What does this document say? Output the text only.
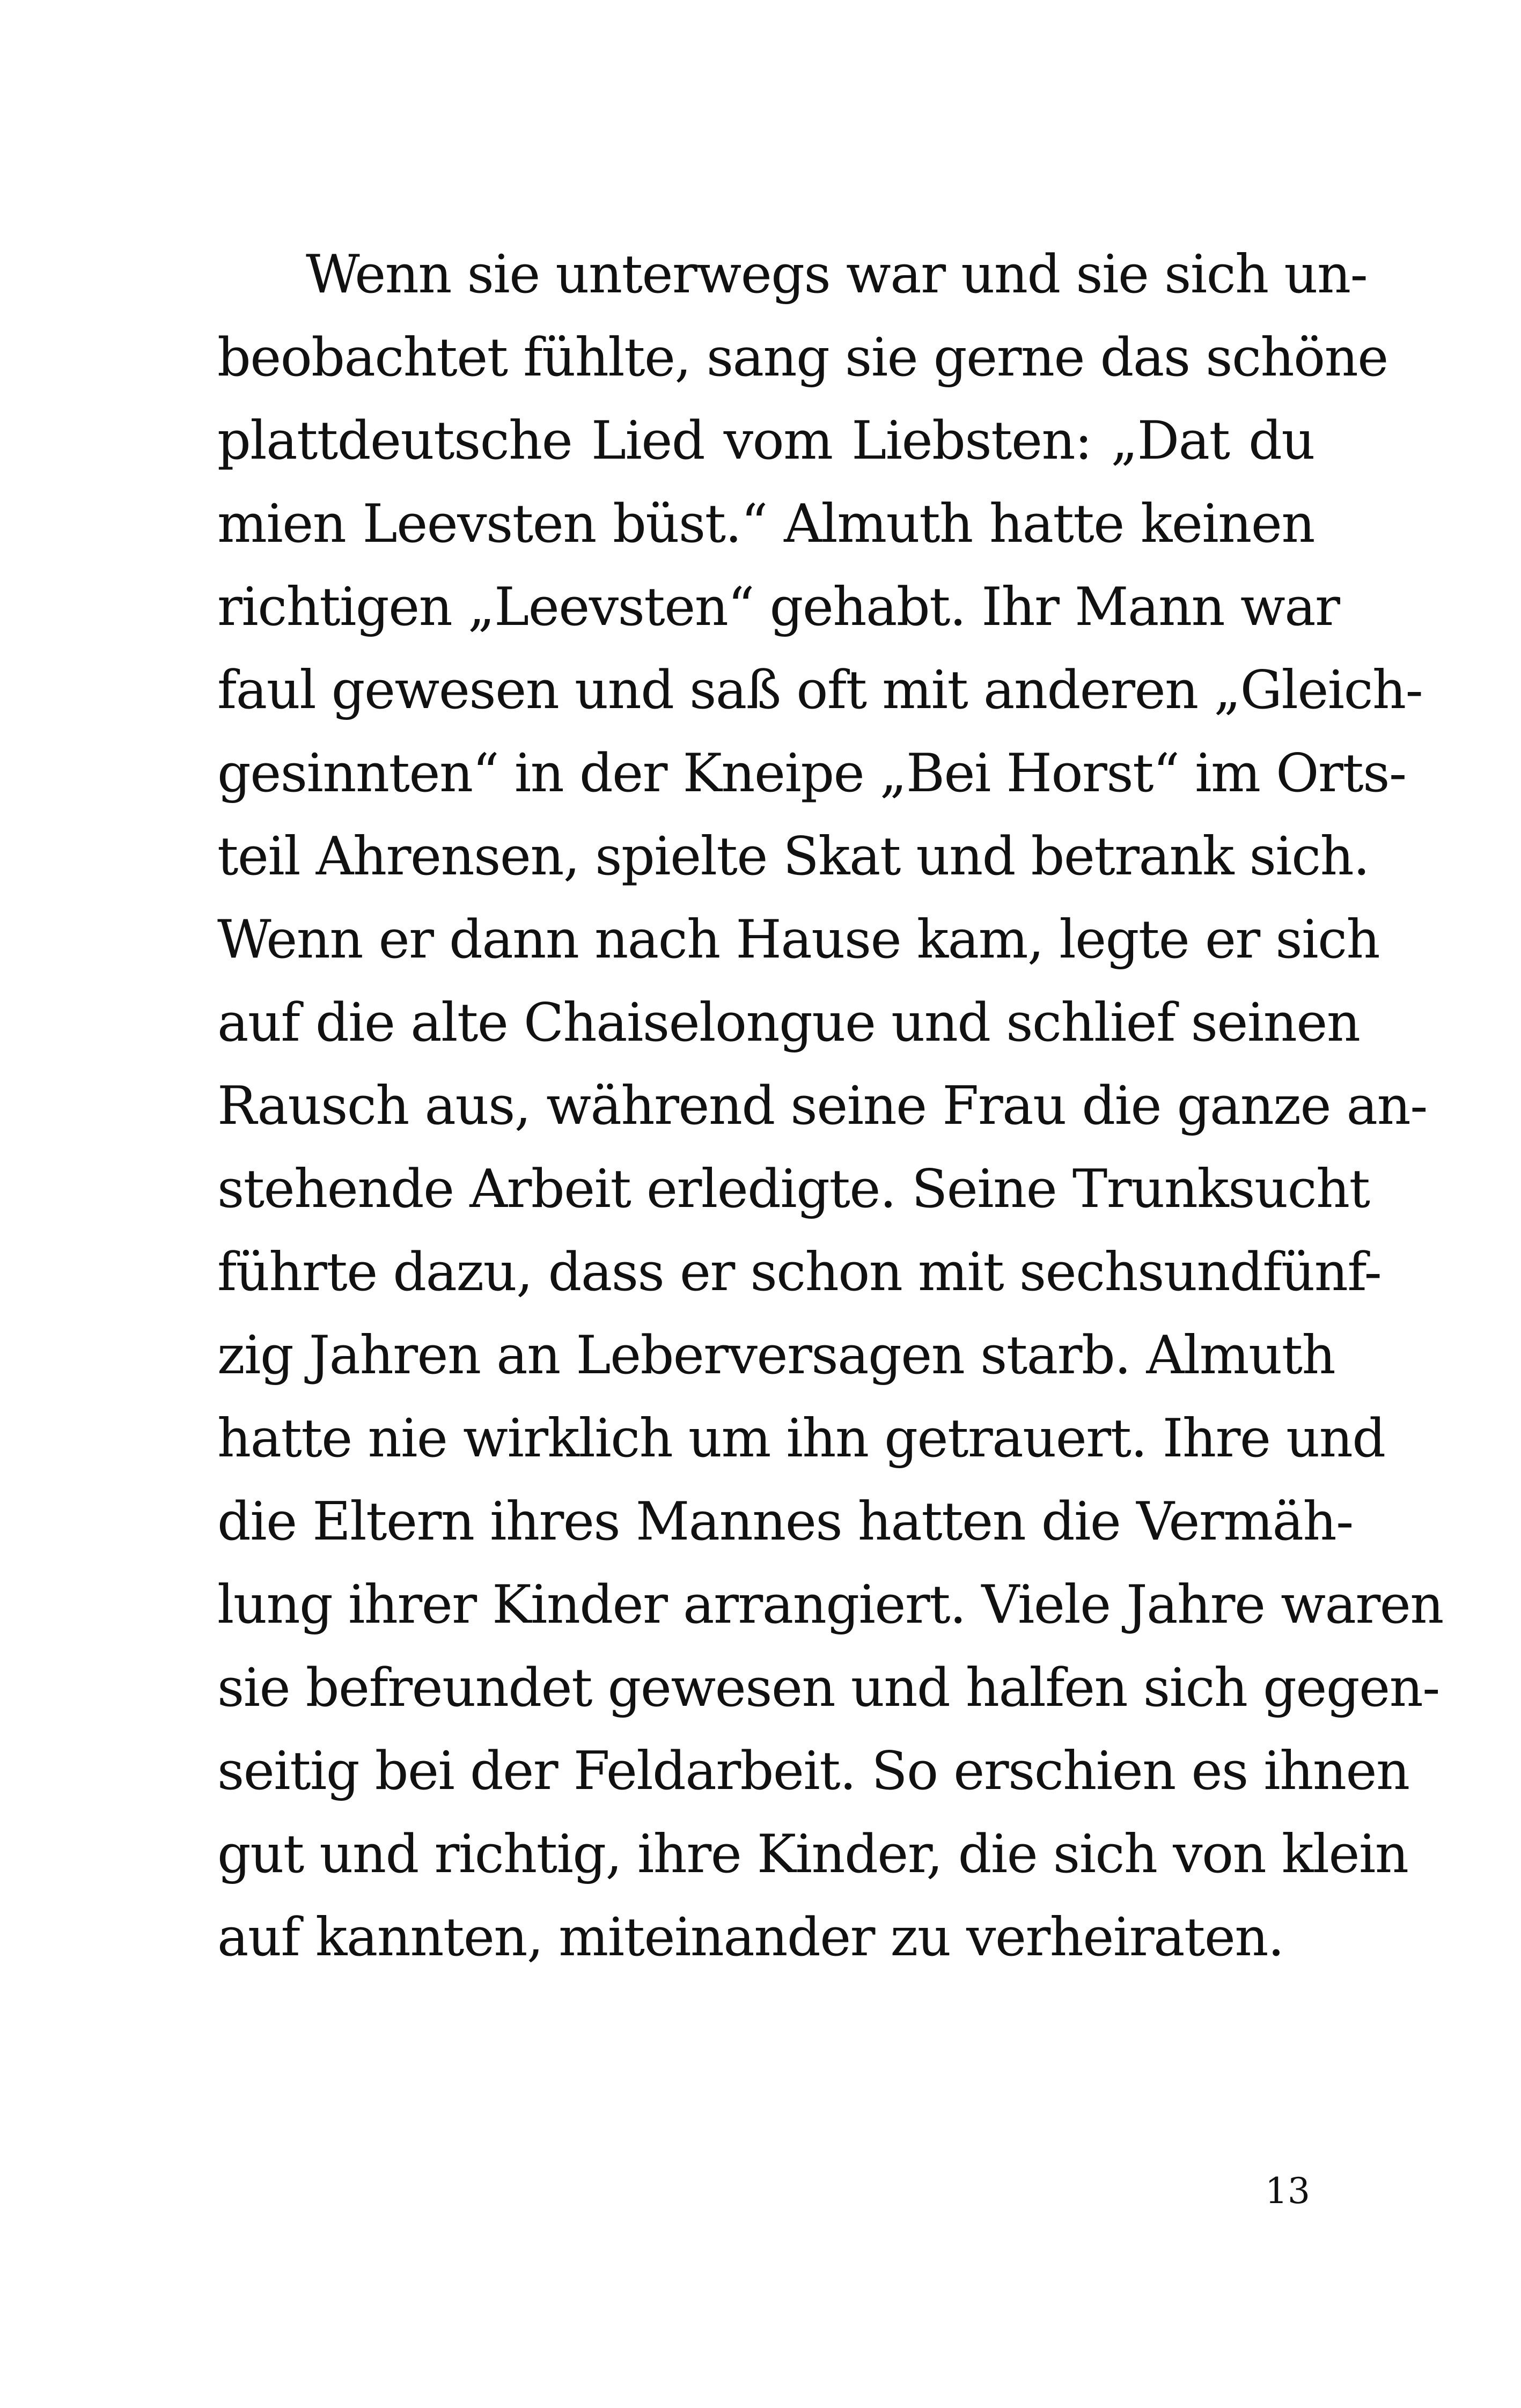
Wenn sie unterwegs war und sie sich un-
beobachtet fühlte, sang sie gerne das schöne
plattdeutsche Lied vom Liebsten: „Dat du
mien Leevsten büst.“ Almuth hatte keinen
richtigen „Leevsten“ gehabt. Ihr Mann war
faul gewesen und saß oft mit anderen „Gleich-
gesinnten“ in der Kneipe „Bei Horst“ im Orts-
teil Ahrensen, spielte Skat und betrank sich.
Wenn er dann nach Hause kam, legte er sich
auf die alte Chaiselongue und schlief seinen
Rausch aus, während seine Frau die ganze an-
stehende Arbeit erledigte. Seine Trunksucht
führte dazu, dass er schon mit sechsundfünf-
zig Jahren an Leberversagen starb. Almuth
hatte nie wirklich um ihn getrauert. Ihre und
die Eltern ihres Mannes hatten die Vermäh-
lung ihrer Kinder arrangiert. Viele Jahre waren
sie befreundet gewesen und halfen sich gegen-
seitig bei der Feldarbeit. So erschien es ihnen
gut und richtig, ihre Kinder, die sich von klein
auf kannten, miteinander zu verheiraten.
13
